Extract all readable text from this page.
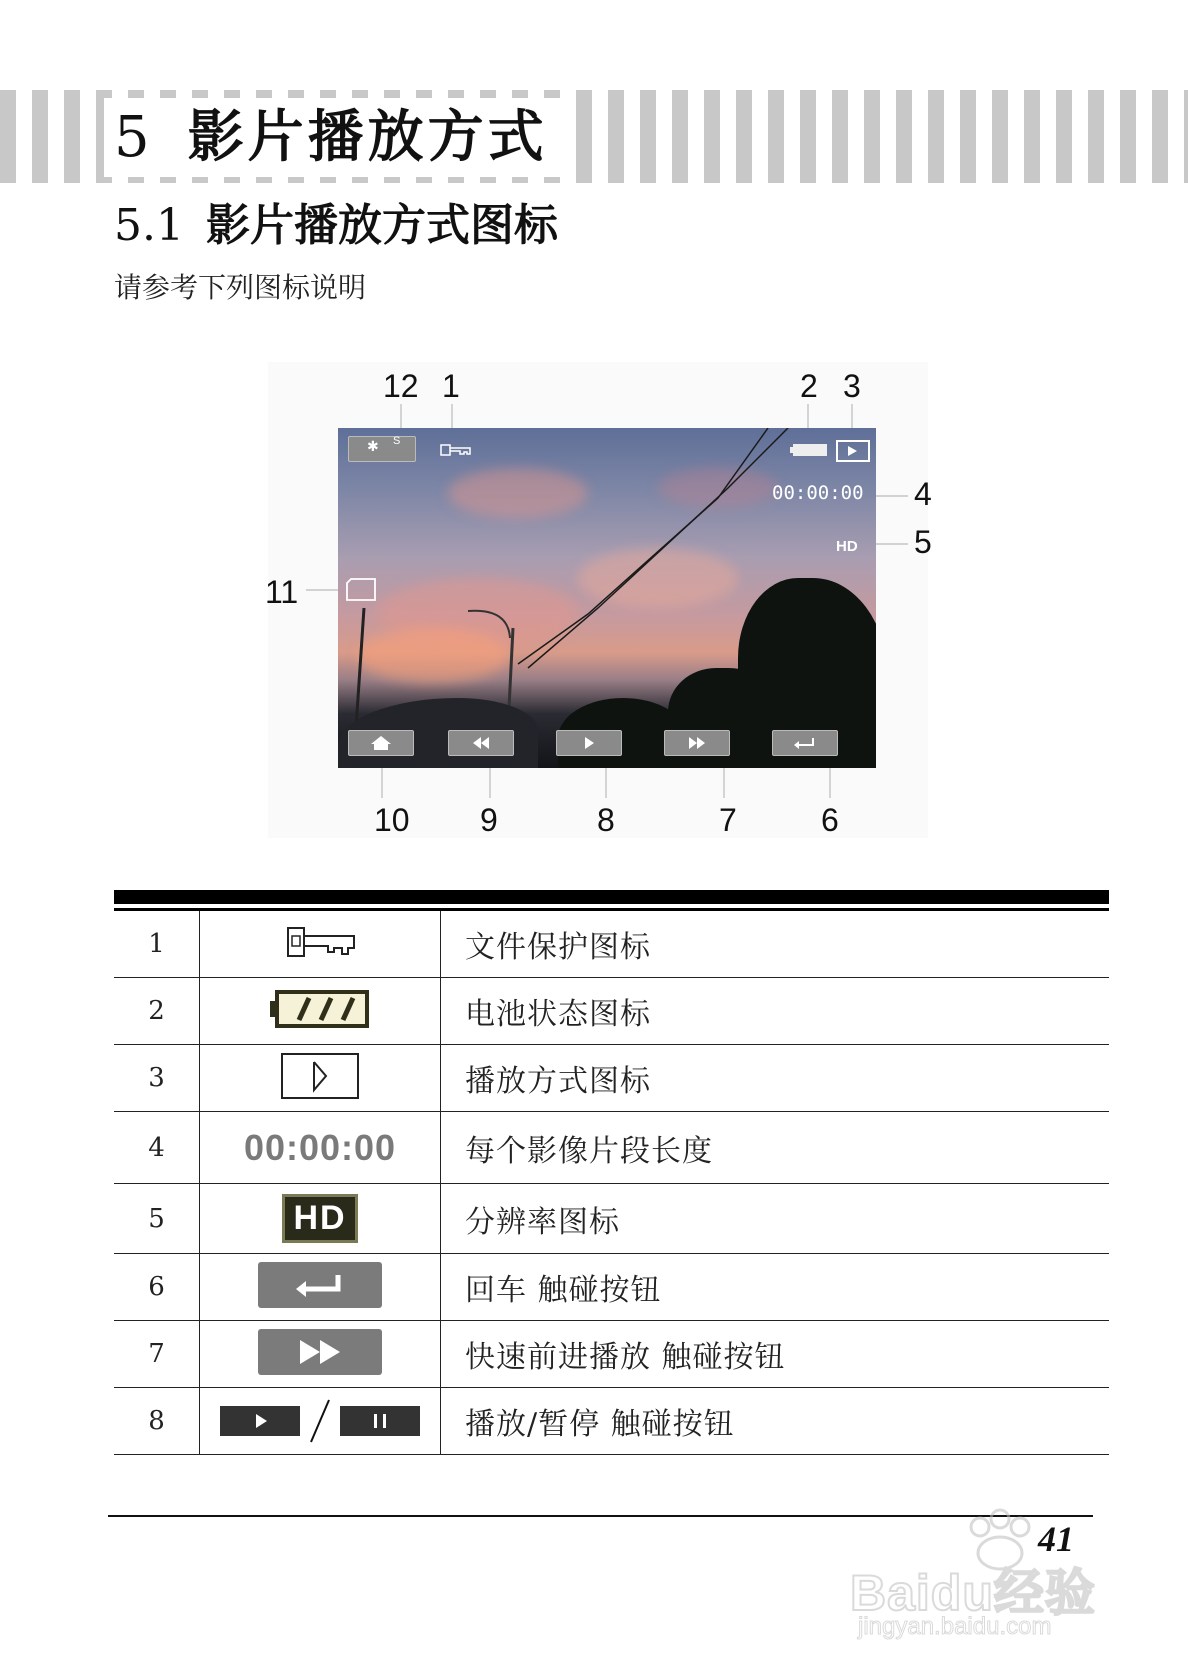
5 影片播放方式
5.1 影片播放方式图标
请参考下列图标说明
12 1	2 3
4
5
11
10 9	8	7	6
✱ S
00:00:00
HD
1		文件保护图标
2		电池状态图标
3		播放方式图标
4	00:00:00	每个影像片段长度
5	HD	分辨率图标
6		回车 触碰按钮
7		快速前进播放 触碰按钮
8		播放/暂停 触碰按钮
41
Baidu经验
jingyan.baidu.com
